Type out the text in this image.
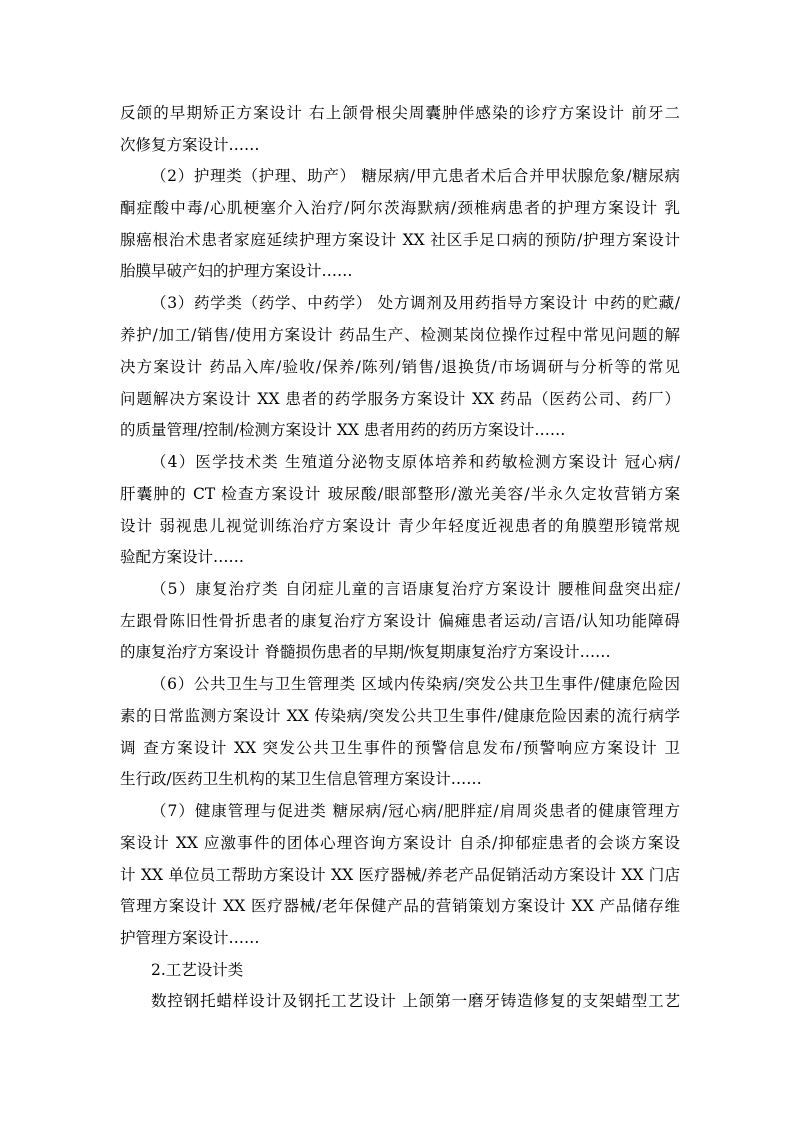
反颌的早期矫正方案设计 右上颌骨根尖周囊肿伴感染的诊疗方案设计 前牙二
次修复方案设计……
（2）护理类（护理、助产） 糖尿病/甲亢患者术后合并甲状腺危象/糖尿病
酮症酸中毒/心肌梗塞介入治疗/阿尔茨海默病/颈椎病患者的护理方案设计 乳
腺癌根治术患者家庭延续护理方案设计 XX 社区手足口病的预防/护理方案设计
胎膜早破产妇的护理方案设计……
（3）药学类（药学、中药学） 处方调剂及用药指导方案设计 中药的贮藏/
养护/加工/销售/使用方案设计 药品生产、检测某岗位操作过程中常见问题的解
决方案设计 药品入库/验收/保养/陈列/销售/退换货/市场调研与分析等的常见
问题解决方案设计 XX 患者的药学服务方案设计 XX 药品（医药公司、药厂）
的质量管理/控制/检测方案设计 XX 患者用药的药历方案设计……
（4）医学技术类 生殖道分泌物支原体培养和药敏检测方案设计 冠心病/
肝囊肿的 CT 检查方案设计 玻尿酸/眼部整形/激光美容/半永久定妆营销方案
设计 弱视患儿视觉训练治疗方案设计 青少年轻度近视患者的角膜塑形镜常规
验配方案设计……
（5）康复治疗类 自闭症儿童的言语康复治疗方案设计 腰椎间盘突出症/
左跟骨陈旧性骨折患者的康复治疗方案设计 偏瘫患者运动/言语/认知功能障碍
的康复治疗方案设计 脊髓损伤患者的早期/恢复期康复治疗方案设计……
（6）公共卫生与卫生管理类 区域内传染病/突发公共卫生事件/健康危险因
素的日常监测方案设计 XX 传染病/突发公共卫生事件/健康危险因素的流行病学
调 查方案设计 XX 突发公共卫生事件的预警信息发布/预警响应方案设计 卫
生行政/医药卫生机构的某卫生信息管理方案设计……
（7）健康管理与促进类 糖尿病/冠心病/肥胖症/肩周炎患者的健康管理方
案设计 XX 应激事件的团体心理咨询方案设计 自杀/抑郁症患者的会谈方案设
计 XX 单位员工帮助方案设计 XX 医疗器械/养老产品促销活动方案设计 XX 门店
管理方案设计 XX 医疗器械/老年保健产品的营销策划方案设计 XX 产品储存维
护管理方案设计……
2.工艺设计类
数控钢托蜡样设计及钢托工艺设计 上颌第一磨牙铸造修复的支架蜡型工艺
